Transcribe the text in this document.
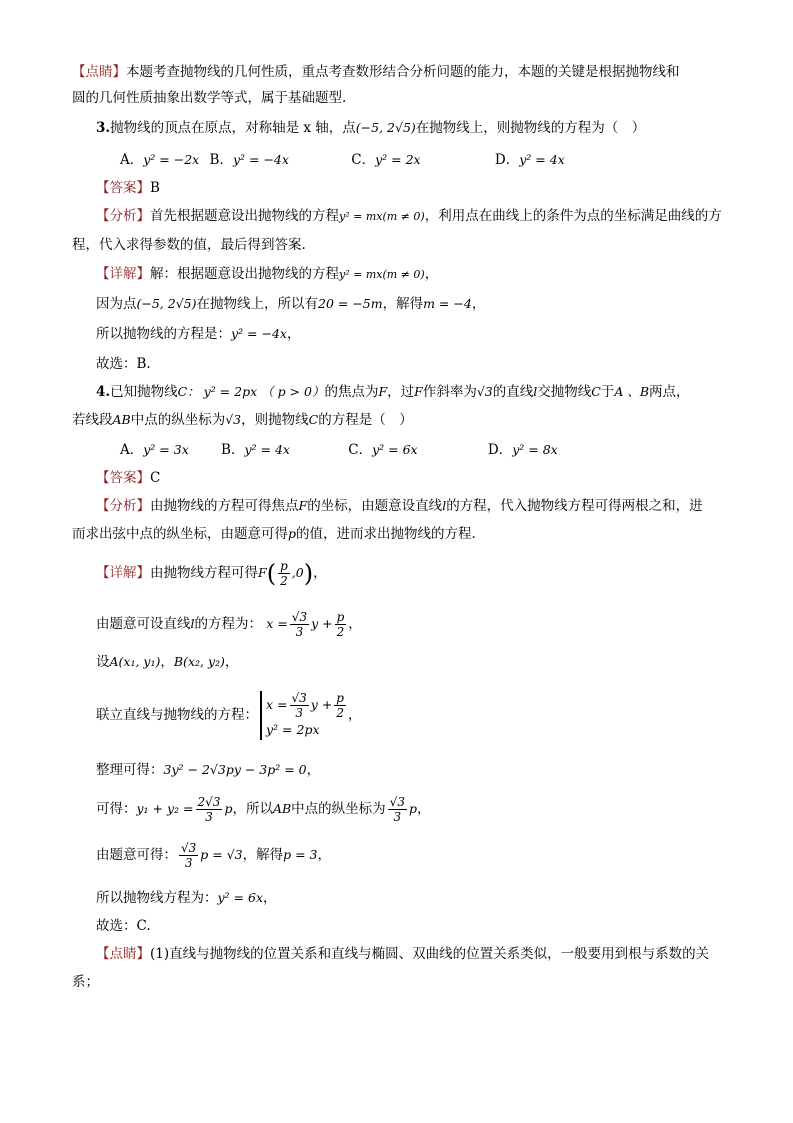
【点睛】本题考查抛物线的几何性质，重点考查数形结合分析问题的能力，本题的关键是根据抛物线和
圆的几何性质抽象出数学等式，属于基础题型.
3.抛物线的顶点在原点，对称轴是 x 轴，点(−5, 2√5)在抛物线上，则抛物线的方程为（　）
A．y² = −2x B．y² = −4x	C．y² = 2x	D．y² = 4x
【答案】B
【分析】首先根据题意设出抛物线的方程y² = mx(m ≠ 0)，利用点在曲线上的条件为点的坐标满足曲线的方
程，代入求得参数的值，最后得到答案.
【详解】解：根据题意设出抛物线的方程y² = mx(m ≠ 0)，
因为点(−5, 2√5)在抛物线上，所以有20 = −5m，解得m = −4，
所以抛物线的方程是：y² = −4x，
故选：B.
4.已知抛物线C： y² = 2px （ p > 0）的焦点为F，过F作斜率为√3的直线l交抛物线C于A 、B两点，
若线段AB中点的纵坐标为√3，则抛物线C的方程是（　）
A．y² = 3x B．y² = 4x	C．y² = 6x	D．y² = 8x
【答案】C
【分析】由抛物线的方程可得焦点F的坐标，由题意设直线l的方程，代入抛物线方程可得两根之和，进
而求出弦中点的纵坐标，由题意可得p的值，进而求出抛物线的方程.
【详解】由抛物线方程可得$F( \frac{p}{2} ,0)$，
由题意可设直线l的方程为： $x = \frac{√3}{3}$ $y + \frac{p}{2}$ ，
设A(x₁, y₁)，B(x₂, y₂)，
联立直线与抛物线的方程：
$x = \frac{√3}{3}$ $y + \frac{p}{2}$
y² = 2px
，
整理可得：3y² − 2√3py − 3p² = 0，
可得：$y_1 + y_2 = \frac{2√3}{3}$ p，所以AB中点的纵坐标为 $\frac{√3}{3}$ p，
由题意可得： $\frac{√3}{3}$ p = √3，解得p = 3，
所以抛物线方程为：y² = 6x，
故选：C.
【点睛】(1)直线与抛物线的位置关系和直线与椭圆、双曲线的位置关系类似，一般要用到根与系数的关
系；
